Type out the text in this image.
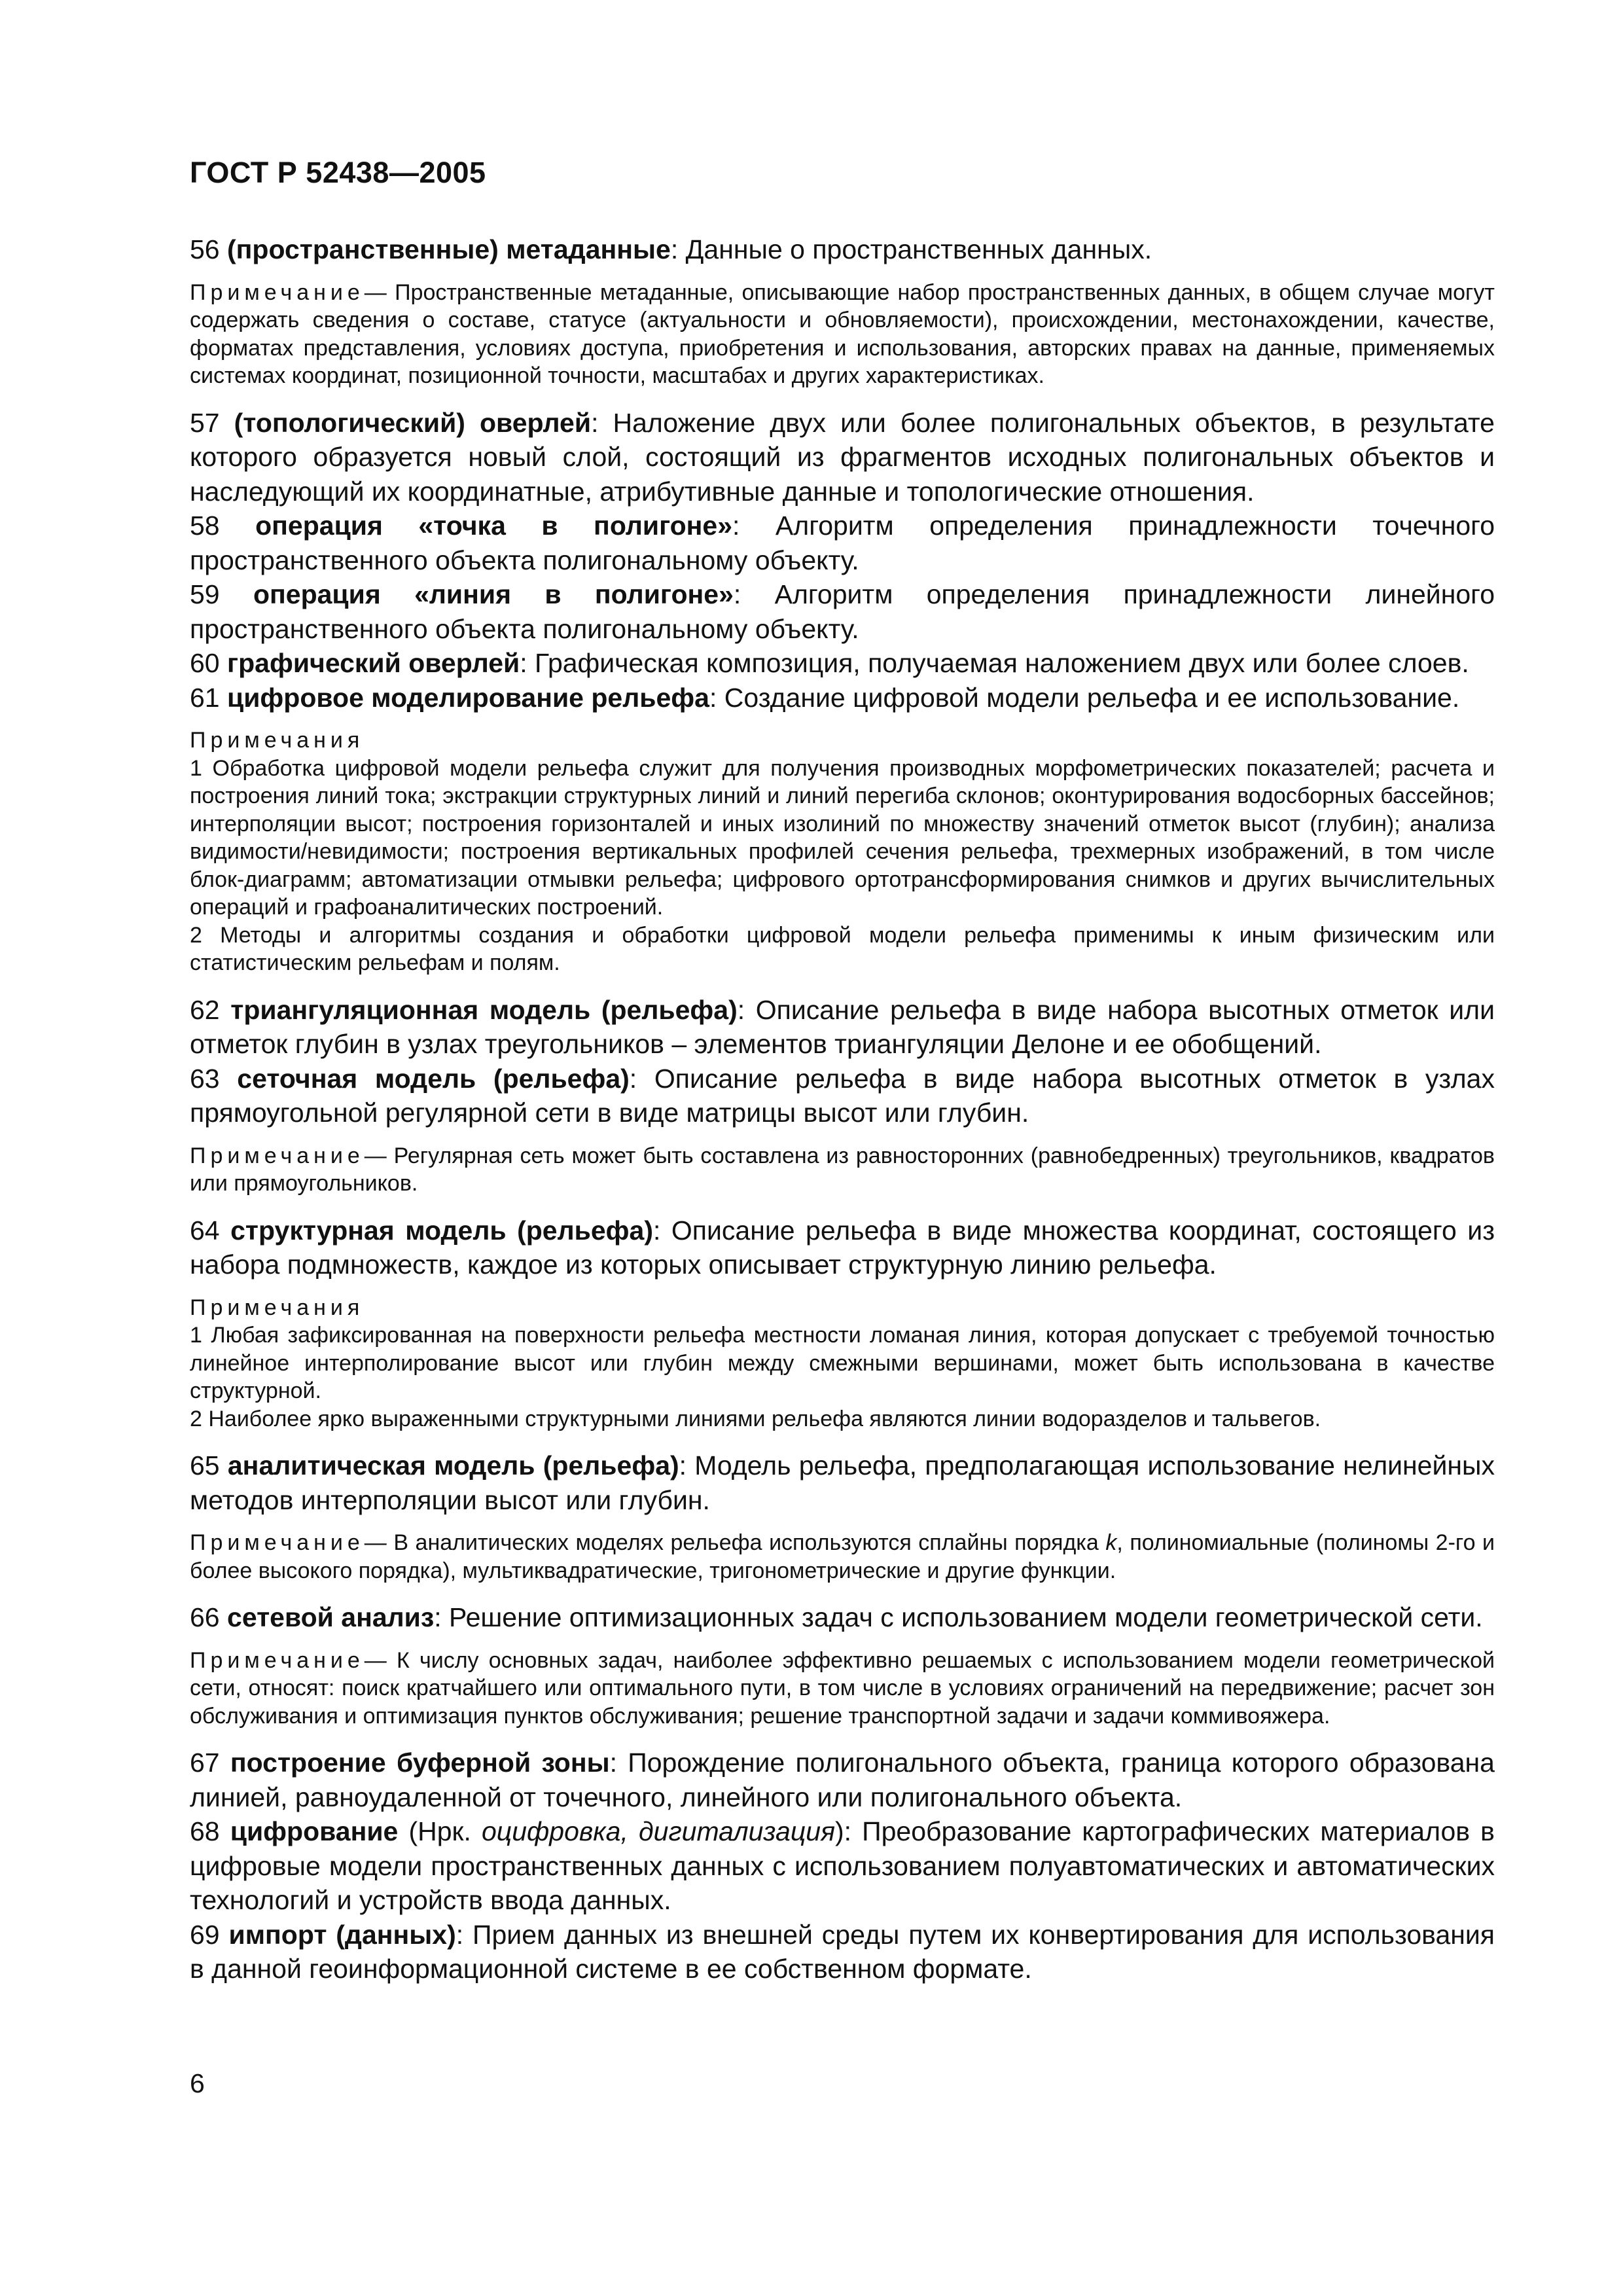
ГОСТ Р 52438—2005

56 (пространственные) метаданные: Данные о пространственных данных.

Примечание— Пространственные метаданные, описывающие набор пространственных данных, в общем случае могут содержать сведения о составе, статусе (актуальности и обновляемости), происхождении, местонахождении, качестве, форматах представления, условиях доступа, приобретения и использования, авторских правах на данные, применяемых системах координат, позиционной точности, масштабах и других характеристиках.

57 (топологический) оверлей: Наложение двух или более полигональных объектов, в результате которого образуется новый слой, состоящий из фрагментов исходных полигональных объектов и наследующий их координатные, атрибутивные данные и топологические отношения.

58 операция «точка в полигоне»: Алгоритм определения принадлежности точечного пространственного объекта полигональному объекту.

59 операция «линия в полигоне»: Алгоритм определения принадлежности линейного пространственного объекта полигональному объекту.

60 графический оверлей: Графическая композиция, получаемая наложением двух или более слоев.

61 цифровое моделирование рельефа: Создание цифровой модели рельефа и ее использование.

Примечания
1 Обработка цифровой модели рельефа служит для получения производных морфометрических показателей; расчета и построения линий тока; экстракции структурных линий и линий перегиба склонов; оконтурирования водосборных бассейнов; интерполяции высот; построения горизонталей и иных изолиний по множеству значений отметок высот (глубин); анализа видимости/невидимости; построения вертикальных профилей сечения рельефа, трехмерных изображений, в том числе блок-диаграмм; автоматизации отмывки рельефа; цифрового ортотрансформирования снимков и других вычислительных операций и графоаналитических построений.
2 Методы и алгоритмы создания и обработки цифровой модели рельефа применимы к иным физическим или статистическим рельефам и полям.

62 триангуляционная модель (рельефа): Описание рельефа в виде набора высотных отметок или отметок глубин в узлах треугольников – элементов триангуляции Делоне и ее обобщений.

63 сеточная модель (рельефа): Описание рельефа в виде набора высотных отметок в узлах прямоугольной регулярной сети в виде матрицы высот или глубин.

Примечание— Регулярная сеть может быть составлена из равносторонних (равнобедренных) треугольников, квадратов или прямоугольников.

64 структурная модель (рельефа): Описание рельефа в виде множества координат, состоящего из набора подмножеств, каждое из которых описывает структурную линию рельефа.

Примечания
1 Любая зафиксированная на поверхности рельефа местности ломаная линия, которая допускает с требуемой точностью линейное интерполирование высот или глубин между смежными вершинами, может быть использована в качестве структурной.
2 Наиболее ярко выраженными структурными линиями рельефа являются линии водоразделов и тальвегов.

65 аналитическая модель (рельефа): Модель рельефа, предполагающая использование нелинейных методов интерполяции высот или глубин.

Примечание— В аналитических моделях рельефа используются сплайны порядка k, полиномиальные (полиномы 2-го и более высокого порядка), мультиквадратические, тригонометрические и другие функции.

66 сетевой анализ: Решение оптимизационных задач с использованием модели геометрической сети.

Примечание— К числу основных задач, наиболее эффективно решаемых с использованием модели геометрической сети, относят: поиск кратчайшего или оптимального пути, в том числе в условиях ограничений на передвижение; расчет зон обслуживания и оптимизация пунктов обслуживания; решение транспортной задачи и задачи коммивояжера.

67 построение буферной зоны: Порождение полигонального объекта, граница которого образована линией, равноудаленной от точечного, линейного или полигонального объекта.

68 цифрование (Нрк. оцифровка, дигитализация): Преобразование картографических материалов в цифровые модели пространственных данных с использованием полуавтоматических и автоматических технологий и устройств ввода данных.

69 импорт (данных): Прием данных из внешней среды путем их конвертирования для использования в данной геоинформационной системе в ее собственном формате.

6
